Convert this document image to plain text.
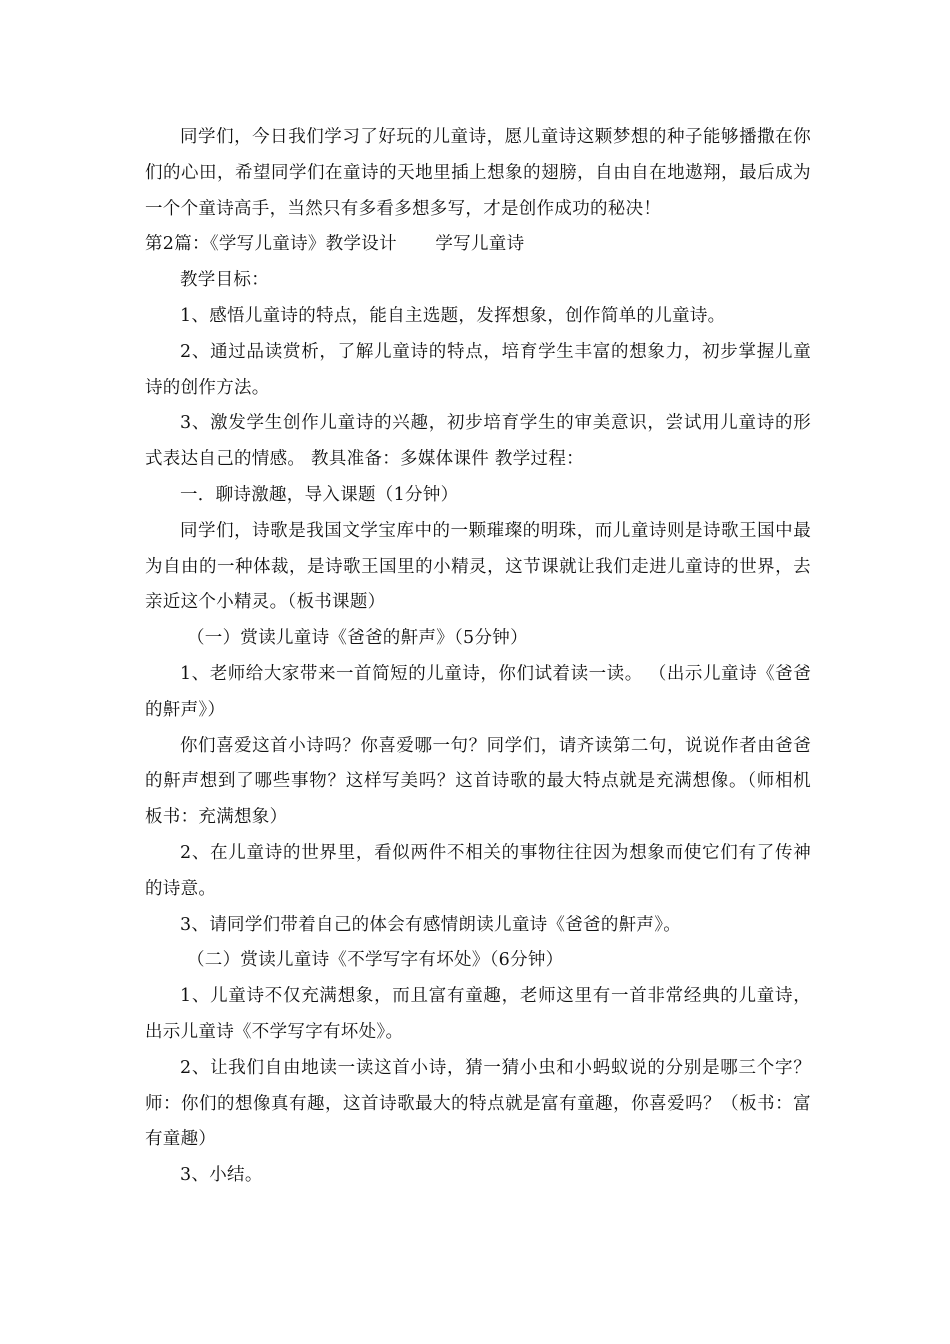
同学们，今日我们学习了好玩的儿童诗，愿儿童诗这颗梦想的种子能够播撒在你们的心田，希望同学们在童诗的天地里插上想象的翅膀，自由自在地遨翔，最后成为一个个童诗高手，当然只有多看多想多写，才是创作成功的秘决！

第2篇：《学写儿童诗》教学设计 学写儿童诗

教学目标：

1、感悟儿童诗的特点，能自主选题，发挥想象，创作简单的儿童诗。

2、通过品读赏析，了解儿童诗的特点，培育学生丰富的想象力，初步掌握儿童诗的创作方法。

3、激发学生创作儿童诗的兴趣，初步培育学生的审美意识，尝试用儿童诗的形式表达自己的情感。 教具准备：多媒体课件 教学过程：

一．聊诗激趣，导入课题（1分钟）

同学们，诗歌是我国文学宝库中的一颗璀璨的明珠，而儿童诗则是诗歌王国中最为自由的一种体裁，是诗歌王国里的小精灵，这节课就让我们走进儿童诗的世界，去亲近这个小精灵。（板书课题）

（一）赏读儿童诗《爸爸的鼾声》（5分钟）

1、老师给大家带来一首简短的儿童诗，你们试着读一读。 （出示儿童诗《爸爸的鼾声》）

你们喜爱这首小诗吗？你喜爱哪一句？同学们，请齐读第二句，说说作者由爸爸的鼾声想到了哪些事物？这样写美吗？这首诗歌的最大特点就是充满想像。（师相机板书：充满想象）

2、在儿童诗的世界里，看似两件不相关的事物往往因为想象而使它们有了传神的诗意。

3、请同学们带着自己的体会有感情朗读儿童诗《爸爸的鼾声》。

（二）赏读儿童诗《不学写字有坏处》（6分钟）

1、儿童诗不仅充满想象，而且富有童趣，老师这里有一首非常经典的儿童诗，出示儿童诗《不学写字有坏处》。

2、让我们自由地读一读这首小诗，猜一猜小虫和小蚂蚁说的分别是哪三个字？ 师：你们的想像真有趣，这首诗歌最大的特点就是富有童趣，你喜爱吗？（板书：富有童趣）

3、小结。
